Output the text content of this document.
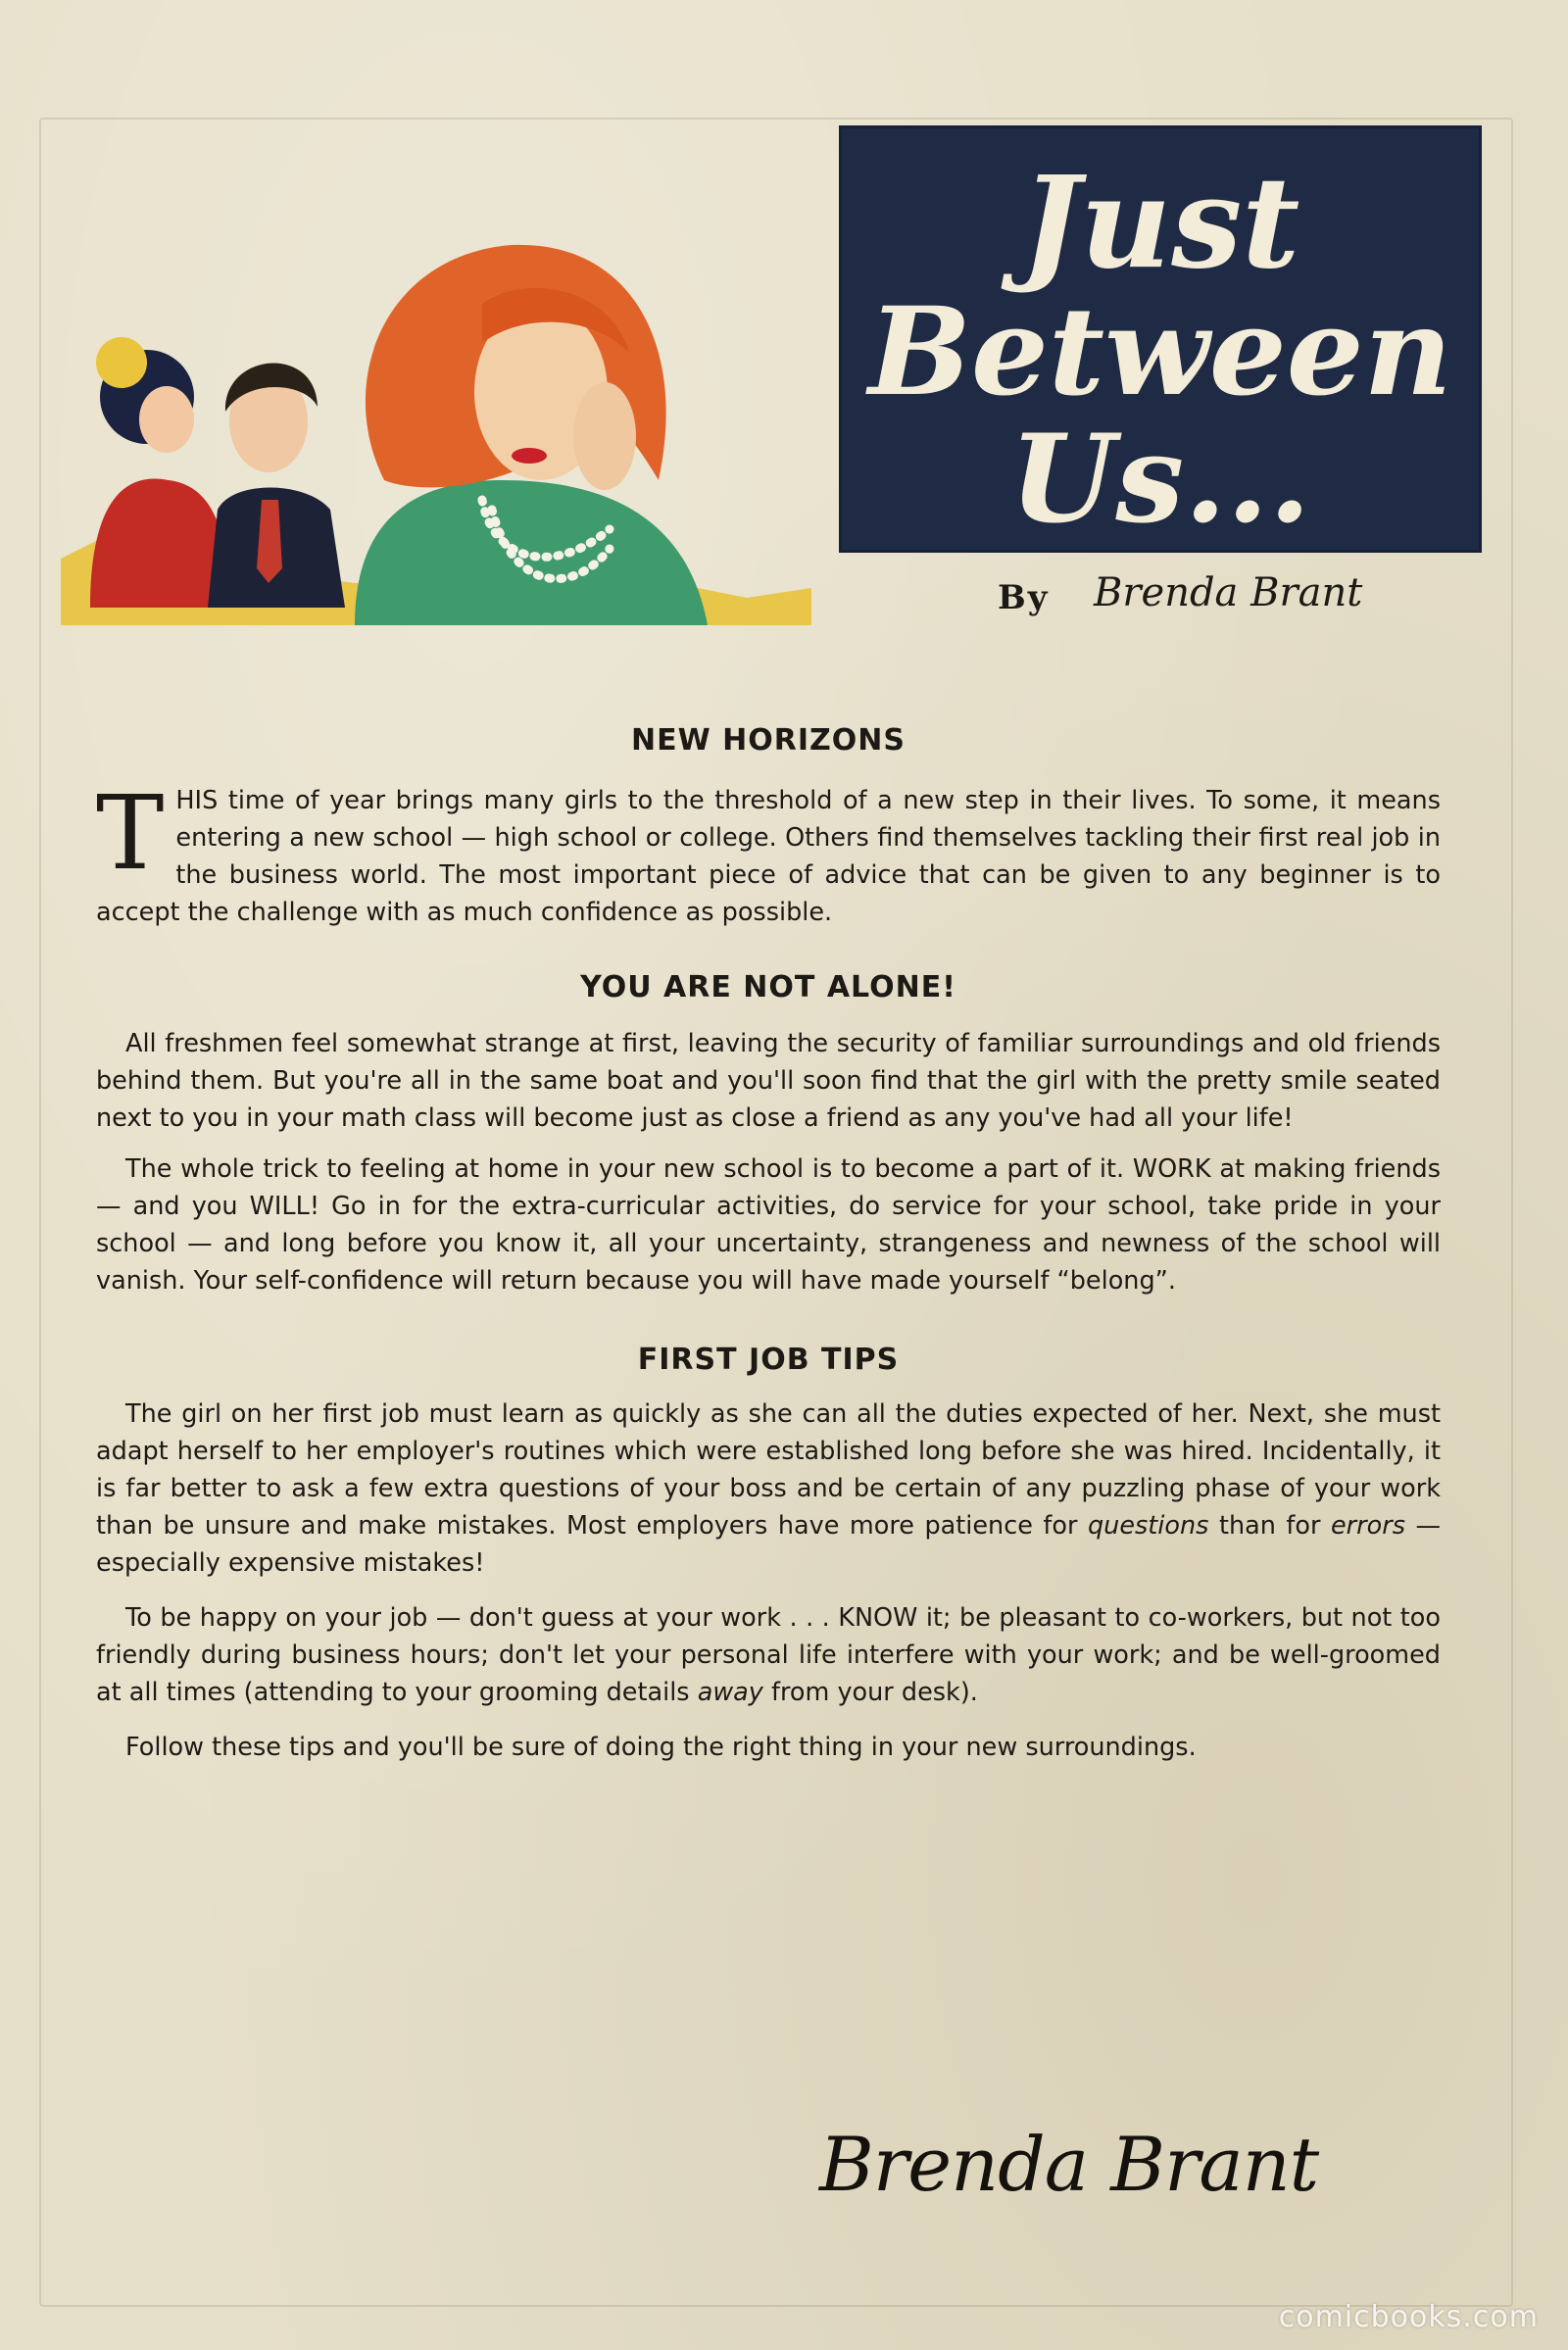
Just
Between
Us...
By Brenda Brant
NEW HORIZONS

THIS time of year brings many girls to the threshold of a new step in their lives. To some, it means entering a new school — high school or college. Others find themselves tackling their first real job in the business world. The most important piece of advice that can be given to any beginner is to accept the challenge with as much confidence as possible.

YOU ARE NOT ALONE!

All freshmen feel somewhat strange at first, leaving the security of familiar surroundings and old friends behind them. But you're all in the same boat and you'll soon find that the girl with the pretty smile seated next to you in your math class will become just as close a friend as any you've had all your life!

The whole trick to feeling at home in your new school is to become a part of it. WORK at making friends — and you WILL! Go in for the extra-curricular activities, do service for your school, take pride in your school — and long before you know it, all your uncertainty, strangeness and newness of the school will vanish. Your self-confidence will return because you will have made yourself “belong”.

FIRST JOB TIPS

The girl on her first job must learn as quickly as she can all the duties expected of her. Next, she must adapt herself to her employer's routines which were established long before she was hired. Incidentally, it is far better to ask a few extra questions of your boss and be certain of any puzzling phase of your work than be unsure and make mistakes. Most employers have more patience for questions than for errors — especially expensive mistakes!

To be happy on your job — don't guess at your work . . . KNOW it; be pleasant to co-workers, but not too friendly during business hours; don't let your personal life interfere with your work; and be well-groomed at all times (attending to your grooming details away from your desk).

Follow these tips and you'll be sure of doing the right thing in your new surroundings.

Brenda Brant
comicbooks.com
